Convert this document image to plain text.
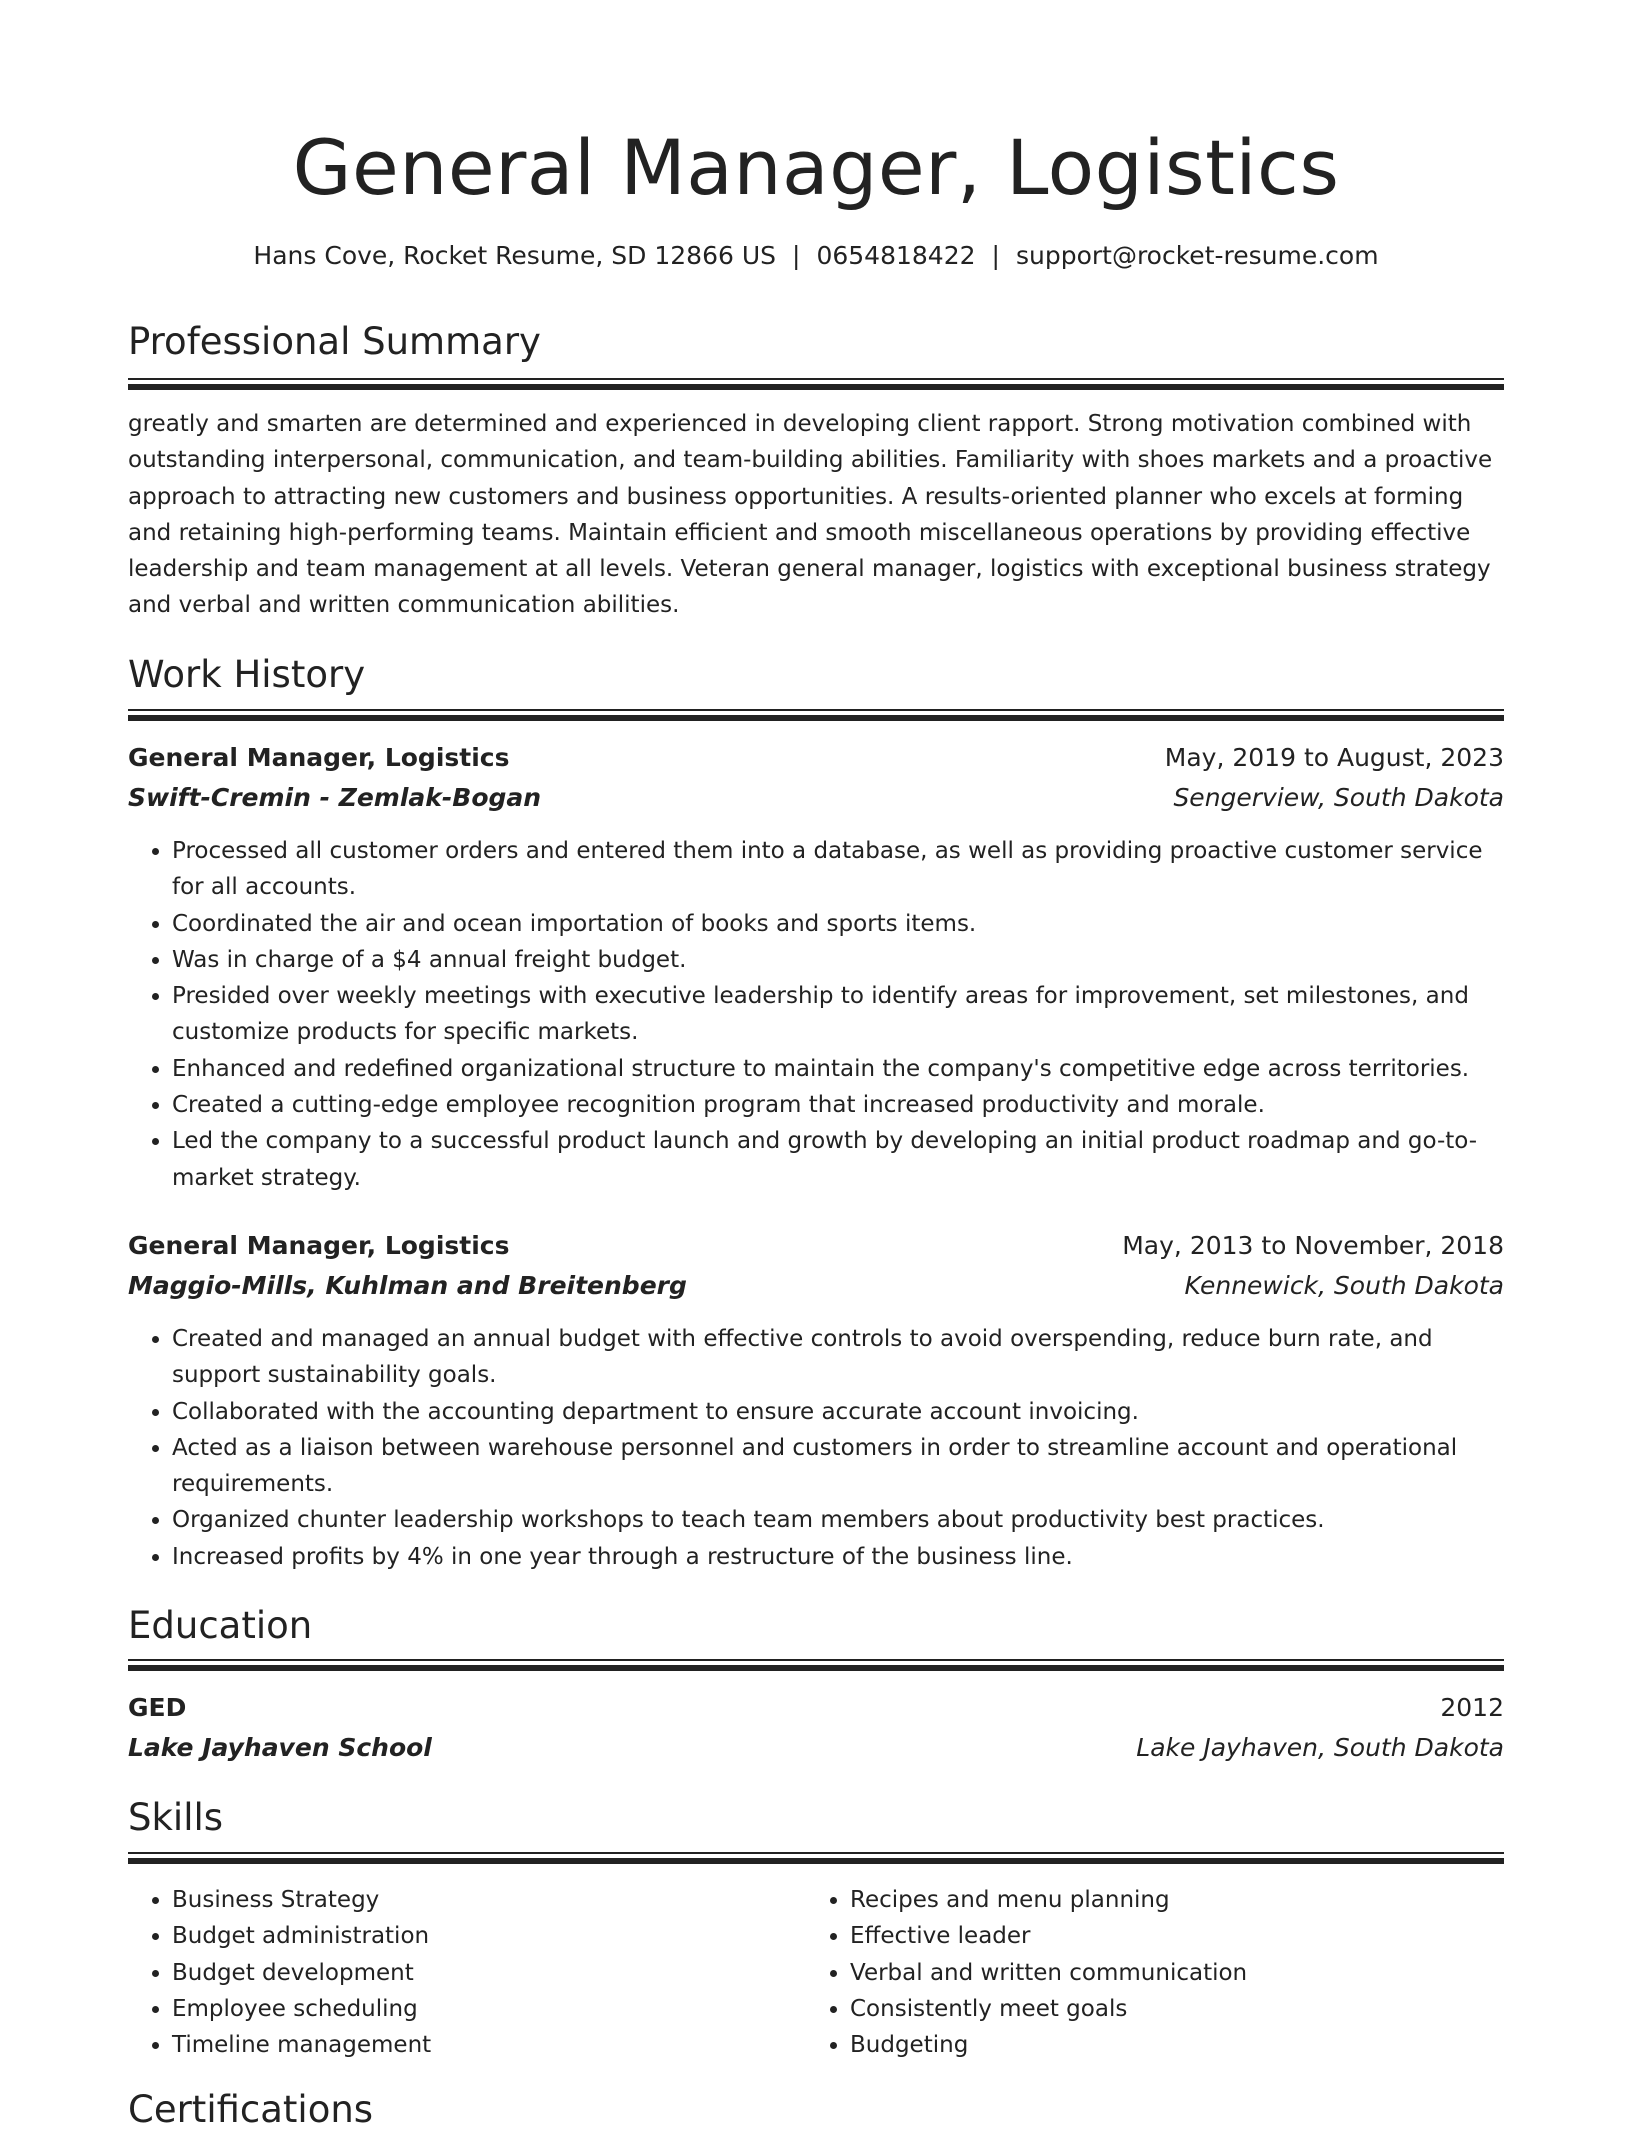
General Manager, Logistics
Hans Cove, Rocket Resume, SD 12866 US | 0654818422 | support@rocket-resume.com
Professional Summary
greatly and smarten are determined and experienced in developing client rapport. Strong motivation combined with outstanding interpersonal, communication, and team-building abilities. Familiarity with shoes markets and a proactive approach to attracting new customers and business opportunities. A results-oriented planner who excels at forming and retaining high-performing teams. Maintain efficient and smooth miscellaneous operations by providing effective leadership and team management at all levels. Veteran general manager, logistics with exceptional business strategy and verbal and written communication abilities.
Work History
General Manager, Logistics	May, 2019 to August, 2023
Swift-Cremin - Zemlak-Bogan	Sengerview, South Dakota
• Processed all customer orders and entered them into a database, as well as providing proactive customer service for all accounts.
• Coordinated the air and ocean importation of books and sports items.
• Was in charge of a $4 annual freight budget.
• Presided over weekly meetings with executive leadership to identify areas for improvement, set milestones, and customize products for specific markets.
• Enhanced and redefined organizational structure to maintain the company's competitive edge across territories.
• Created a cutting-edge employee recognition program that increased productivity and morale.
• Led the company to a successful product launch and growth by developing an initial product roadmap and go-to-market strategy.
General Manager, Logistics	May, 2013 to November, 2018
Maggio-Mills, Kuhlman and Breitenberg	Kennewick, South Dakota
• Created and managed an annual budget with effective controls to avoid overspending, reduce burn rate, and support sustainability goals.
• Collaborated with the accounting department to ensure accurate account invoicing.
• Acted as a liaison between warehouse personnel and customers in order to streamline account and operational requirements.
• Organized chunter leadership workshops to teach team members about productivity best practices.
• Increased profits by 4% in one year through a restructure of the business line.
Education
GED	2012
Lake Jayhaven School	Lake Jayhaven, South Dakota
Skills
• Business Strategy
• Budget administration
• Budget development
• Employee scheduling
• Timeline management
• Recipes and menu planning
• Effective leader
• Verbal and written communication
• Consistently meet goals
• Budgeting
Certifications
